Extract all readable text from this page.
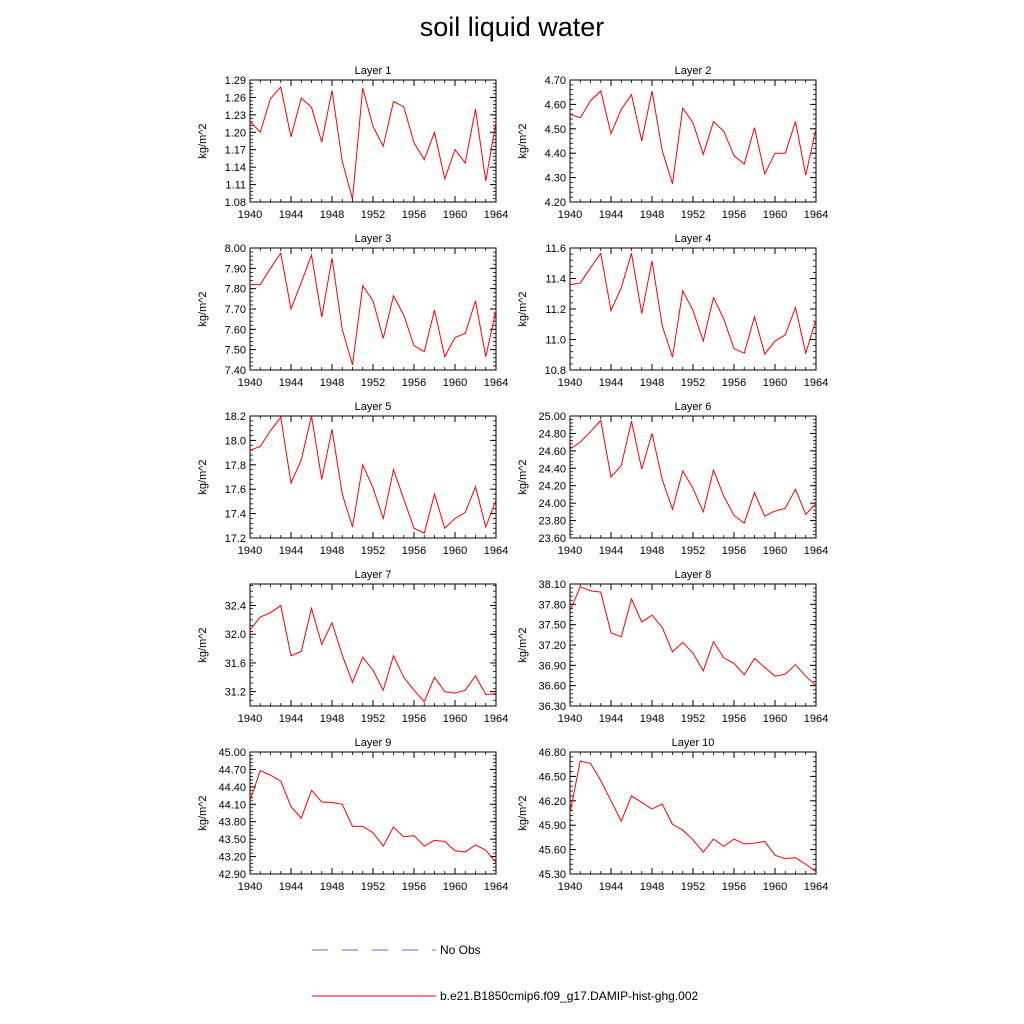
soil liquid water
Layer 1
kg/m^2
1.08
1.11
1.14
1.17
1.20
1.23
1.26
1.29
1940 1944 1948 1952 1956 1960 1964
Layer 2
kg/m^2
4.20
4.30
4.40
4.50
4.60
4.70
1940 1944 1948 1952 1956 1960 1964
Layer 3
kg/m^2
7.40
7.50
7.60
7.70
7.80
7.90
8.00
1940 1944 1948 1952 1956 1960 1964
Layer 4
kg/m^2
10.8
11.0
11.2
11.4
11.6
1940 1944 1948 1952 1956 1960 1964
Layer 5
kg/m^2
17.2
17.4
17.6
17.8
18.0
18.2
1940 1944 1948 1952 1956 1960 1964
Layer 6
kg/m^2
23.60
23.80
24.00
24.20
24.40
24.60
24.80
25.00
1940 1944 1948 1952 1956 1960 1964
Layer 7
kg/m^2
31.2
31.6
32.0
32.4
1940 1944 1948 1952 1956 1960 1964
Layer 8
kg/m^2
36.30
36.60
36.90
37.20
37.50
37.80
38.10
1940 1944 1948 1952 1956 1960 1964
Layer 9
kg/m^2
42.90
43.20
43.50
43.80
44.10
44.40
44.70
45.00
1940 1944 1948 1952 1956 1960 1964
Layer 10
kg/m^2
45.30
45.60
45.90
46.20
46.50
46.80
1940 1944 1948 1952 1956 1960 1964
No Obs
b.e21.B1850cmip6.f09_g17.DAMIP-hist-ghg.002
